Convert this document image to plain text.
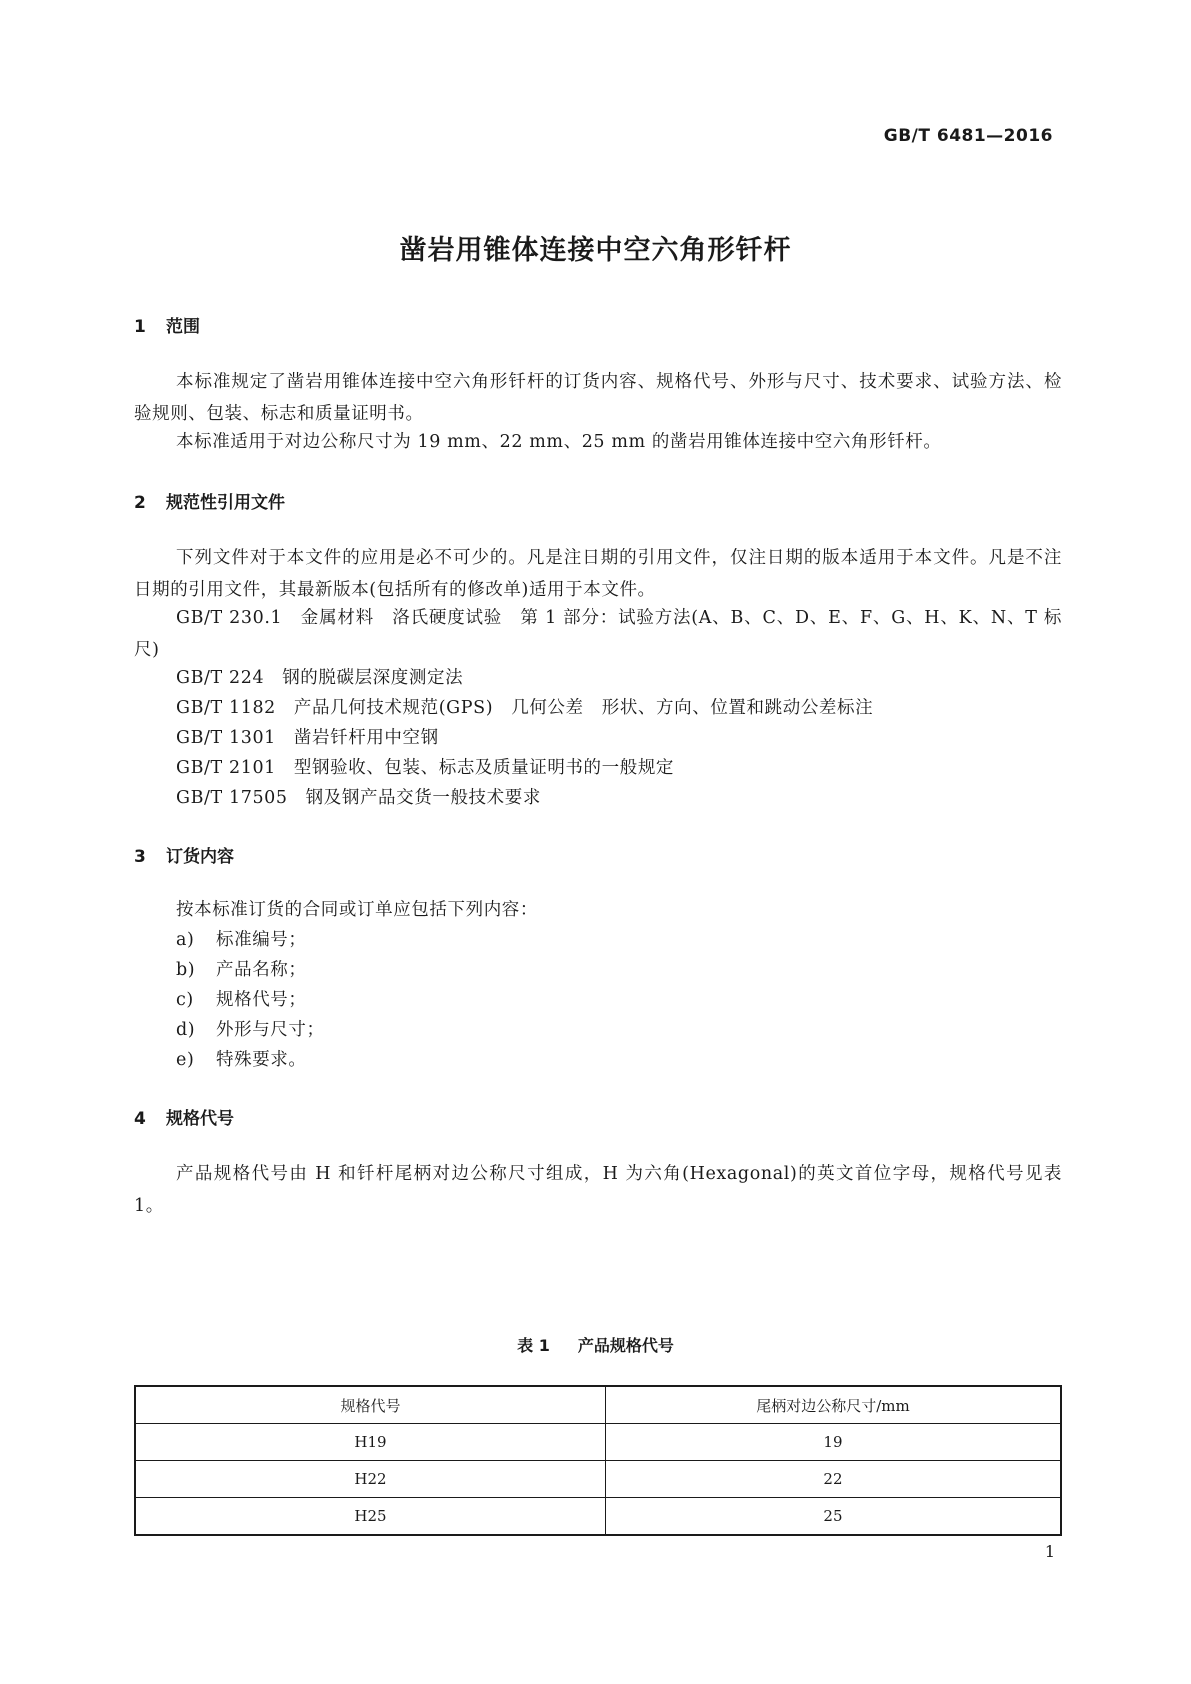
GB/T 6481—2016
凿岩用锥体连接中空六角形钎杆
1 范围
本标准规定了凿岩用锥体连接中空六角形钎杆的订货内容、规格代号、外形与尺寸、技术要求、试验方法、检验规则、包装、标志和质量证明书。
本标准适用于对边公称尺寸为 19 mm、22 mm、25 mm 的凿岩用锥体连接中空六角形钎杆。
2 规范性引用文件
下列文件对于本文件的应用是必不可少的。凡是注日期的引用文件，仅注日期的版本适用于本文件。凡是不注日期的引用文件，其最新版本(包括所有的修改单)适用于本文件。
GB/T 230.1　金属材料　洛氏硬度试验　第 1 部分：试验方法(A、B、C、D、E、F、G、H、K、N、T 标尺)
GB/T 224 钢的脱碳层深度测定法
GB/T 1182 产品几何技术规范(GPS)　几何公差　形状、方向、位置和跳动公差标注
GB/T 1301 凿岩钎杆用中空钢
GB/T 2101 型钢验收、包装、标志及质量证明书的一般规定
GB/T 17505 钢及钢产品交货一般技术要求
3 订货内容
按本标准订货的合同或订单应包括下列内容：
a) 标准编号；
b) 产品名称；
c) 规格代号；
d) 外形与尺寸；
e) 特殊要求。
4 规格代号
产品规格代号由 H 和钎杆尾柄对边公称尺寸组成，H 为六角(Hexagonal)的英文首位字母，规格代号见表 1。
表 1 产品规格代号
规格代号	尾柄对边公称尺寸/mm
H19	19
H22	22
H25	25
1
